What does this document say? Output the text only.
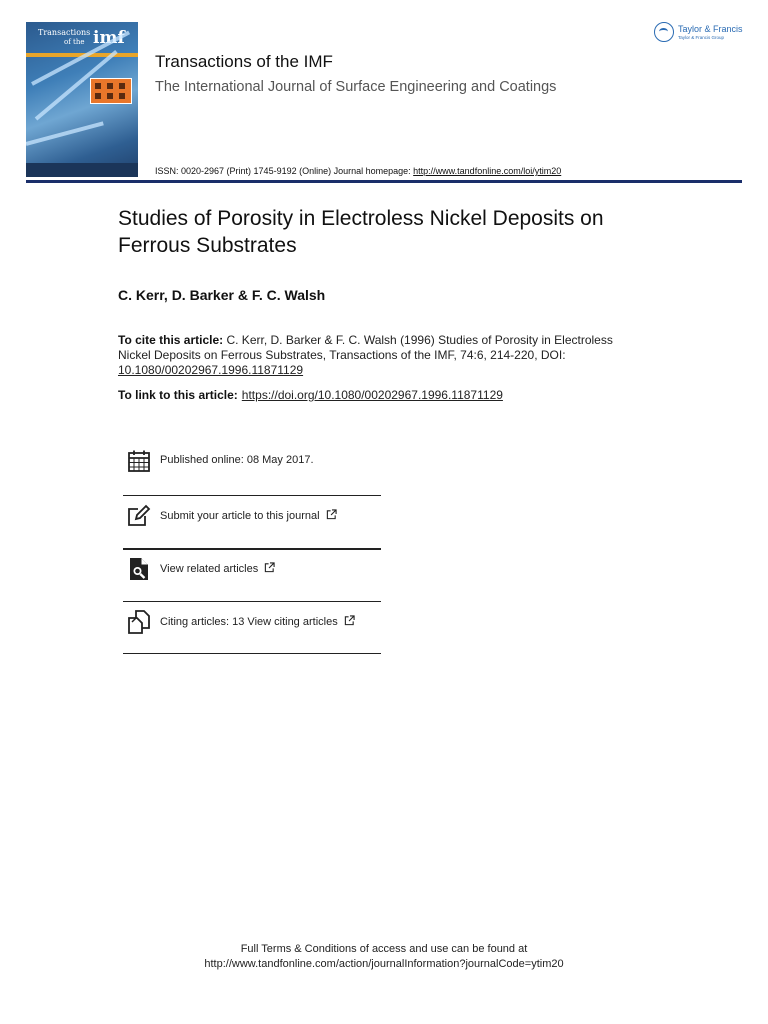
Transactions
of the imf
Transactions of the IMF
The International Journal of Surface Engineering and Coatings
ISSN: 0020-2967 (Print) 1745-9192 (Online) Journal homepage: http://www.tandfonline.com/loi/ytim20
Taylor & Francis
Taylor & Francis Group
Studies of Porosity in Electroless Nickel Deposits on Ferrous Substrates
C. Kerr, D. Barker & F. C. Walsh
To cite this article: C. Kerr, D. Barker & F. C. Walsh (1996) Studies of Porosity in Electroless Nickel Deposits on Ferrous Substrates, Transactions of the IMF, 74:6, 214-220, DOI: 10.1080/00202967.1996.11871129
To link to this article: https://doi.org/10.1080/00202967.1996.11871129
Published online: 08 May 2017.
Submit your article to this journal
View related articles
Citing articles: 13 View citing articles
Full Terms & Conditions of access and use can be found at
http://www.tandfonline.com/action/journalInformation?journalCode=ytim20
